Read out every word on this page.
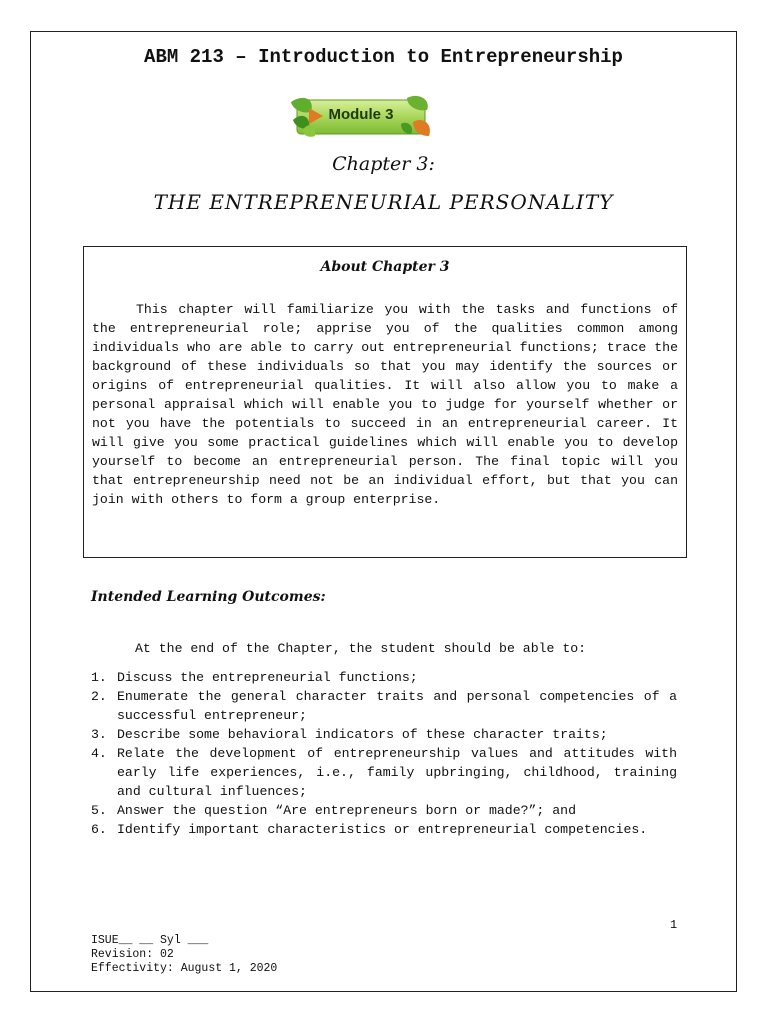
ABM 213 – Introduction to Entrepreneurship
Module 3
Chapter 3:
THE ENTREPRENEURIAL PERSONALITY
About Chapter 3

This chapter will familiarize you with the tasks and functions of the entrepreneurial role; apprise you of the qualities common among individuals who are able to carry out entrepreneurial functions; trace the background of these individuals so that you may identify the sources or origins of entrepreneurial qualities. It will also allow you to make a personal appraisal which will enable you to judge for yourself whether or not you have the potentials to succeed in an entrepreneurial career. It will give you some practical guidelines which will enable you to develop yourself to become an entrepreneurial person. The final topic will you that entrepreneurship need not be an individual effort, but that you can join with others to form a group enterprise.

Intended Learning Outcomes:
At the end of the Chapter, the student should be able to:
1. Discuss the entrepreneurial functions;
2. Enumerate the general character traits and personal competencies of a successful entrepreneur;
3. Describe some behavioral indicators of these character traits;
4. Relate the development of entrepreneurship values and attitudes with early life experiences, i.e., family upbringing, childhood, training and cultural influences;
5. Answer the question “Are entrepreneurs born or made?”; and
6. Identify important characteristics or entrepreneurial competencies.
1
ISUE__ __ Syl ___
Revision: 02
Effectivity: August 1, 2020
